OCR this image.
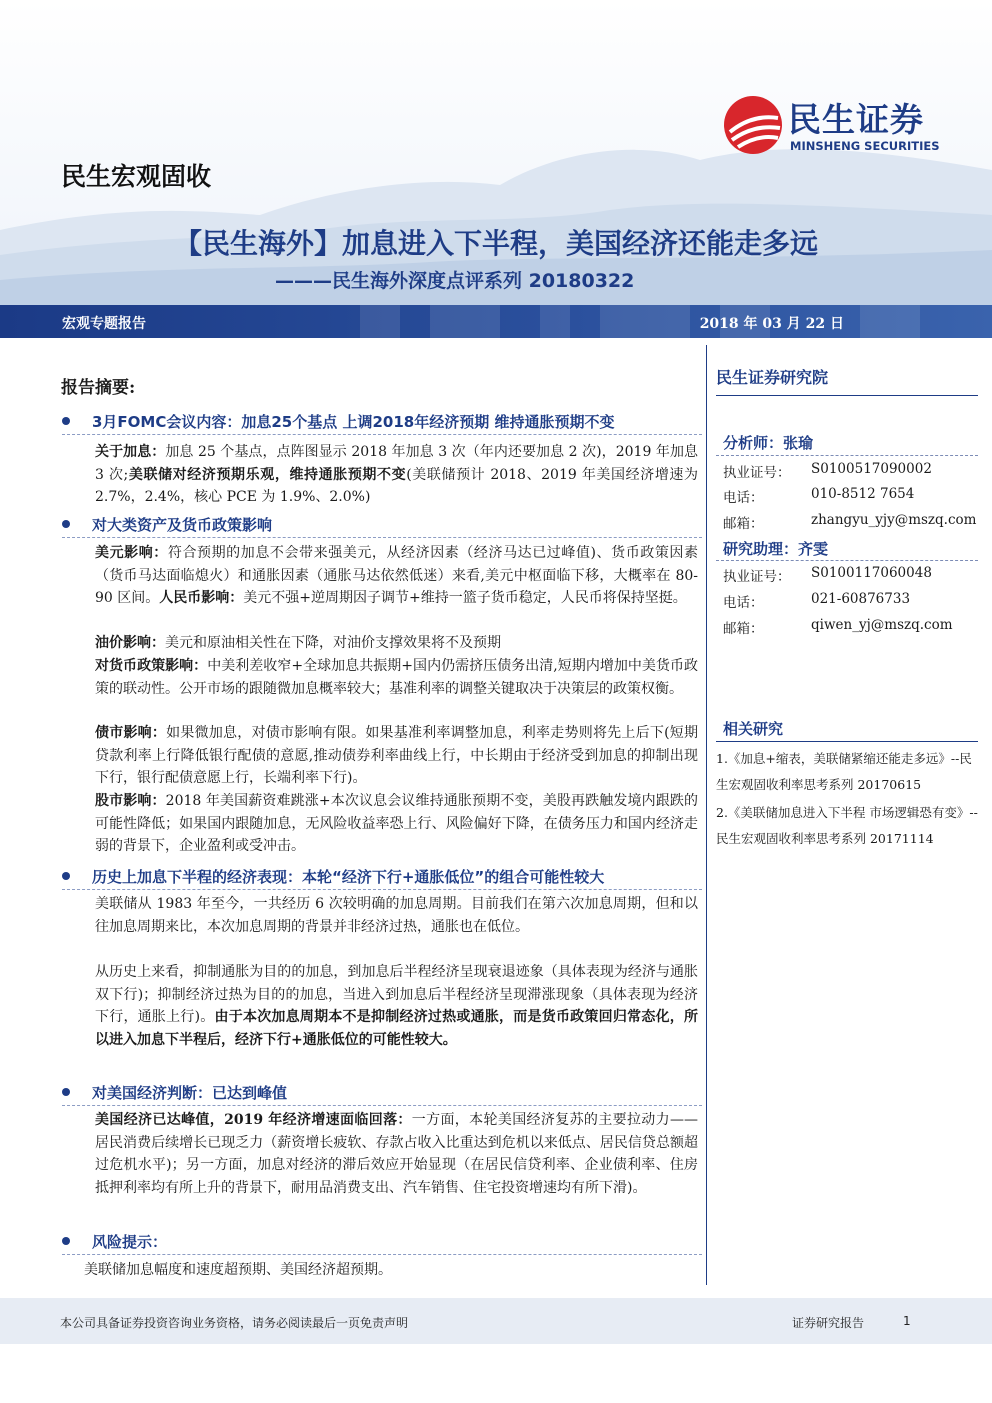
民生证券
MINSHENG SECURITIES
民生宏观固收
【民生海外】加息进入下半程，美国经济还能走多远
———民生海外深度点评系列 20180322
宏观专题报告	2018 年 03 月 22 日
报告摘要:
3月FOMC会议内容：加息25个基点 上调2018年经济预期 维持通胀预期不变
关于加息：加息 25 个基点，点阵图显示 2018 年加息 3 次（年内还要加息 2 次)，2019 年加息 3 次;美联储对经济预期乐观，维持通胀预期不变(美联储预计 2018、2019 年美国经济增速为 2.7%，2.4%，核心 PCE 为 1.9%、2.0%)
对大类资产及货币政策影响
美元影响：符合预期的加息不会带来强美元，从经济因素（经济马达已过峰值)、货币政策因素（货币马达面临熄火）和通胀因素（通胀马达依然低迷）来看,美元中枢面临下移，大概率在 80-90 区间。人民币影响：美元不强+逆周期因子调节+维持一篮子货币稳定，人民币将保持坚挺。
油价影响：美元和原油相关性在下降，对油价支撑效果将不及预期
对货币政策影响：中美利差收窄+全球加息共振期+国内仍需挤压债务出清,短期内增加中美货币政策的联动性。公开市场的跟随微加息概率较大；基准利率的调整关键取决于决策层的政策权衡。
债市影响：如果微加息，对债市影响有限。如果基准利率调整加息，利率走势则将先上后下(短期贷款利率上行降低银行配债的意愿,推动债券利率曲线上行，中长期由于经济受到加息的抑制出现下行，银行配债意愿上行，长端利率下行)。
股市影响：2018 年美国薪资难跳涨+本次议息会议维持通胀预期不变，美股再跌触发境内跟跌的可能性降低；如果国内跟随加息，无风险收益率恐上行、风险偏好下降，在债务压力和国内经济走弱的背景下，企业盈利或受冲击。
历史上加息下半程的经济表现：本轮“经济下行+通胀低位”的组合可能性较大
美联储从 1983 年至今，一共经历 6 次较明确的加息周期。目前我们在第六次加息周期，但和以往加息周期来比，本次加息周期的背景并非经济过热，通胀也在低位。
从历史上来看，抑制通胀为目的的加息，到加息后半程经济呈现衰退迹象（具体表现为经济与通胀双下行)；抑制经济过热为目的的加息，当进入到加息后半程经济呈现滞涨现象（具体表现为经济下行，通胀上行)。由于本次加息周期本不是抑制经济过热或通胀，而是货币政策回归常态化，所以进入加息下半程后，经济下行+通胀低位的可能性较大。
对美国经济判断：已达到峰值
美国经济已达峰值，2019 年经济增速面临回落：一方面，本轮美国经济复苏的主要拉动力——居民消费后续增长已现乏力（薪资增长疲软、存款占收入比重达到危机以来低点、居民信贷总额超过危机水平)；另一方面，加息对经济的滞后效应开始显现（在居民信贷利率、企业债利率、住房抵押利率均有所上升的背景下，耐用品消费支出、汽车销售、住宅投资增速均有所下滑)。
风险提示：
美联储加息幅度和速度超预期、美国经济超预期。
民生证券研究院
分析师：张瑜
执业证号： S0100517090002
电话：	010-8512 7654
邮箱：	zhangyu_yjy@mszq.com
研究助理：齐雯
执业证号： S0100117060048
电话：	021-60876733
邮箱：	qiwen_yj@mszq.com
相关研究
1.《加息+缩表，美联储紧缩还能走多远》--民生宏观固收利率思考系列 20170615
2.《美联储加息进入下半程 市场逻辑恐有变》--民生宏观固收利率思考系列 20171114
本公司具备证券投资咨询业务资格，请务必阅读最后一页免责声明	证券研究报告	1
